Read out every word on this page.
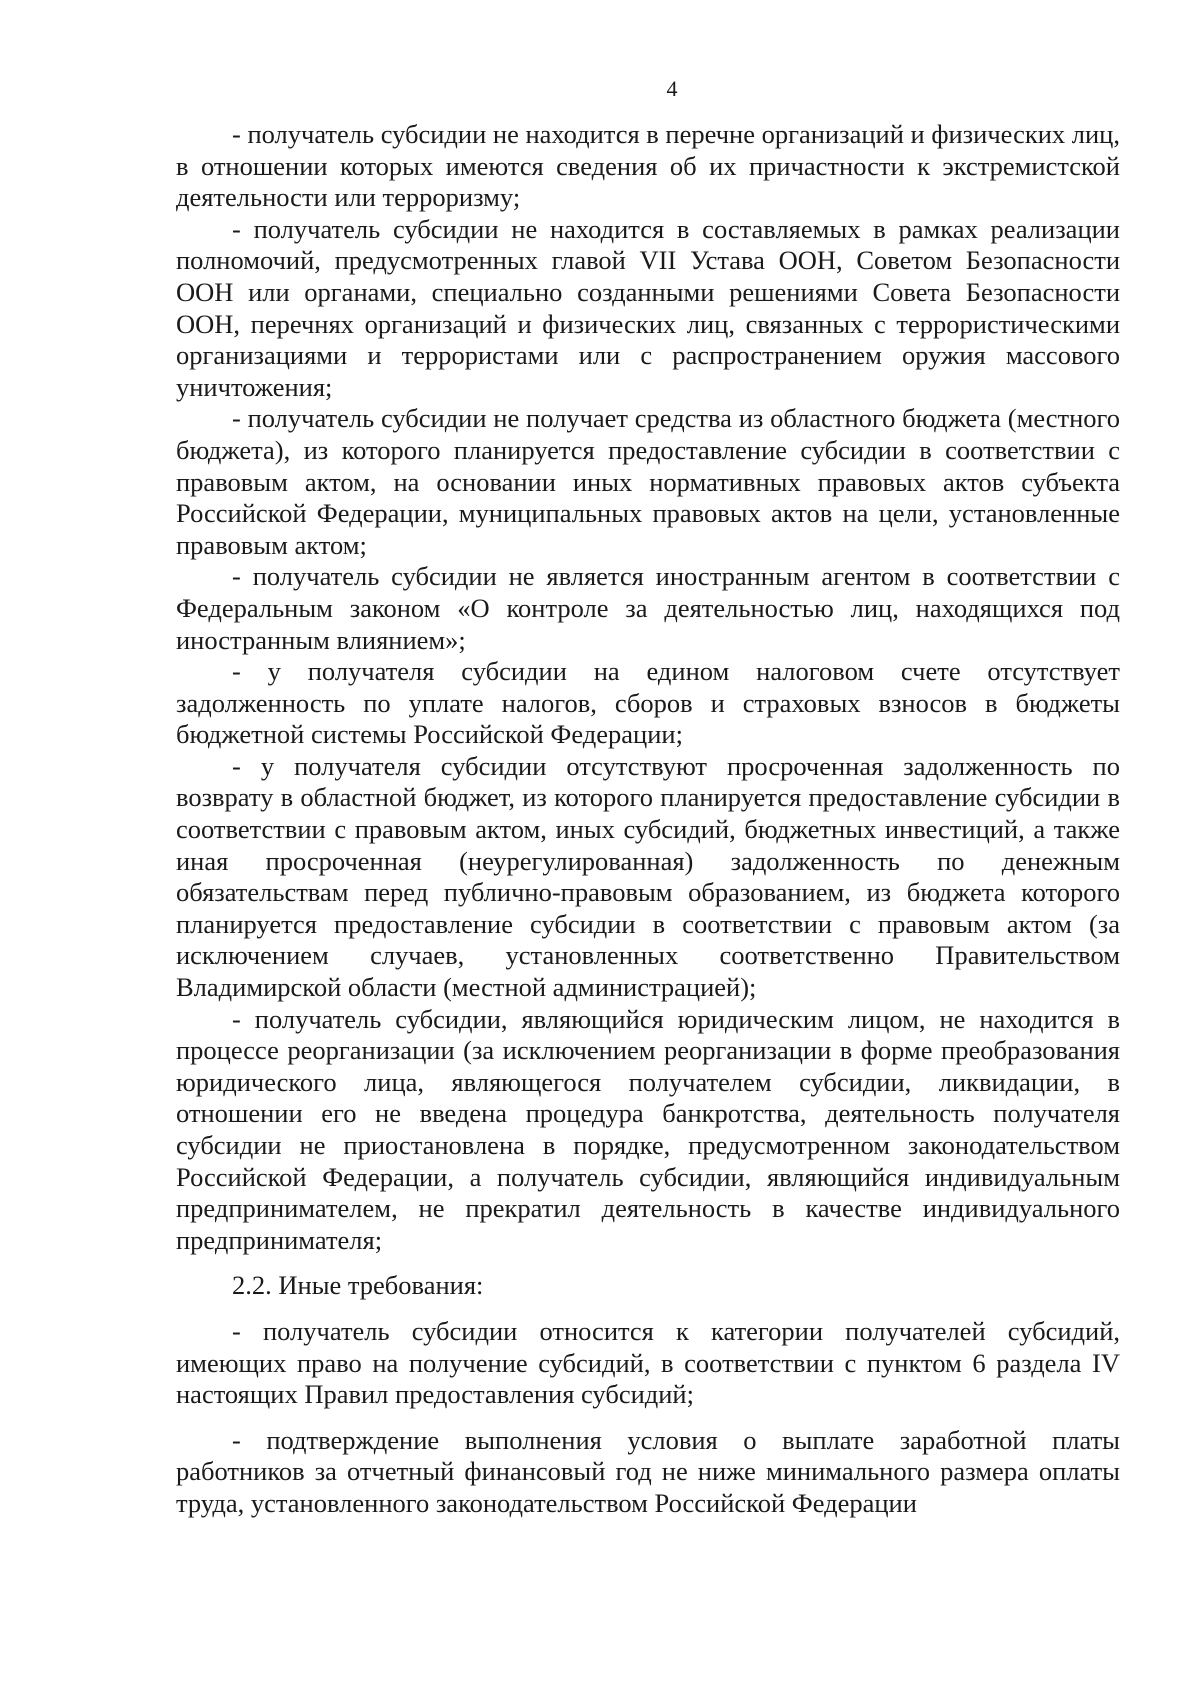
4

- получатель субсидии не находится в перечне организаций и физических лиц, в отношении которых имеются сведения об их причастности к экстремистской деятельности или терроризму;

- получатель субсидии не находится в составляемых в рамках реализации полномочий, предусмотренных главой VII Устава ООН, Советом Безопасности ООН или органами, специально созданными решениями Совета Безопасности ООН, перечнях организаций и физических лиц, связанных с террористическими организациями и террористами или с распространением оружия массового уничтожения;

- получатель субсидии не получает средства из областного бюджета (местного бюджета), из которого планируется предоставление субсидии в соответствии с правовым актом, на основании иных нормативных правовых актов субъекта Российской Федерации, муниципальных правовых актов на цели, установленные правовым актом;

- получатель субсидии не является иностранным агентом в соответствии с Федеральным законом «О контроле за деятельностью лиц, находящихся под иностранным влиянием»;

- у получателя субсидии на едином налоговом счете отсутствует задолженность по уплате налогов, сборов и страховых взносов в бюджеты бюджетной системы Российской Федерации;

- у получателя субсидии отсутствуют просроченная задолженность по возврату в областной бюджет, из которого планируется предоставление субсидии в соответствии с правовым актом, иных субсидий, бюджетных инвестиций, а также иная просроченная (неурегулированная) задолженность по денежным обязательствам перед публично-правовым образованием, из бюджета которого планируется предоставление субсидии в соответствии с правовым актом (за исключением случаев, установленных соответственно Правительством Владимирской области (местной администрацией);

- получатель субсидии, являющийся юридическим лицом, не находится в процессе реорганизации (за исключением реорганизации в форме преобразования юридического лица, являющегося получателем субсидии, ликвидации, в отношении его не введена процедура банкротства, деятельность получателя субсидии не приостановлена в порядке, предусмотренном законодательством Российской Федерации, а получатель субсидии, являющийся индивидуальным предпринимателем, не прекратил деятельность в качестве индивидуального предпринимателя;

2.2. Иные требования:

- получатель субсидии относится к категории получателей субсидий, имеющих право на получение субсидий, в соответствии с пунктом 6 раздела IV настоящих Правил предоставления субсидий;

- подтверждение выполнения условия о выплате заработной платы работников за отчетный финансовый год не ниже минимального размера оплаты труда, установленного законодательством Российской Федерации
